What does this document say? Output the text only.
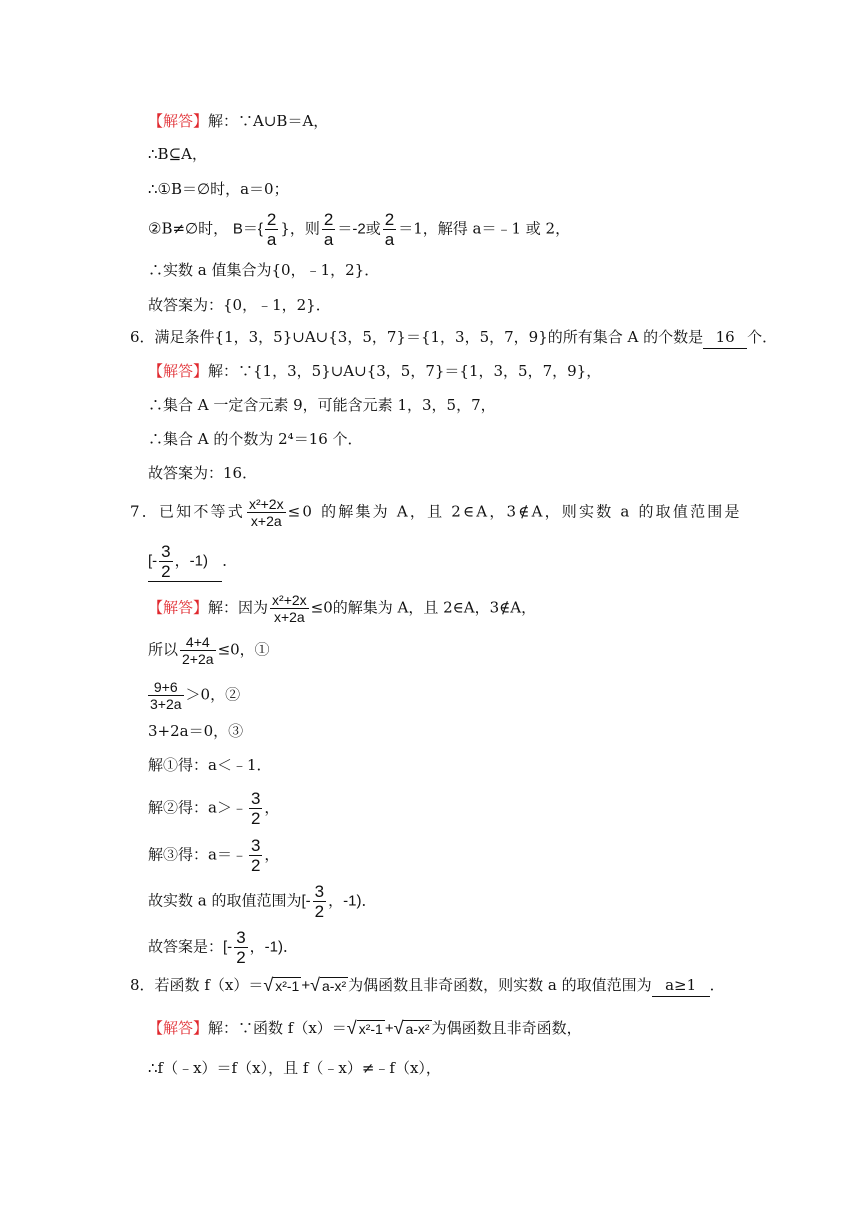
【解答】解：∵A∪B＝A，
∴B⊆A，
∴①B＝∅时，a＝0；
②B≠∅时， $B=\{ \frac{2}{a}$ }，则 $\frac{2}{a} =-2$或 $\frac{2}{a} =1$，解得 a＝﹣1 或 2，
∴实数 a 值集合为{0，﹣1，2}．
故答案为：{0，﹣1，2}．
6．满足条件{1，3，5}∪A∪{3，5，7}＝{1，3，5，7，9}的所有集合 A 的个数是 16 个．
【解答】解：∵{1，3，5}∪A∪{3，5，7}＝{1，3，5，7，9}，
∴集合 A 一定含元素 9，可能含元素 1，3，5，7，
∴集合 A 的个数为 2⁴＝16 个．
故答案为：16．
7．已知不等式 $\frac{\text{x²+2x}}{x+2a} \le 0$ 的解集为 A，且 2∈A，3∉A，则实数 a 的取值范围是
[- $\frac{3}{2}$ ，-1) ．
【解答】解：因为 $\frac{\text{x²+2x}}{x+2a} \le 0$的解集为 A，且 2∈A，3∉A，
所以 $\frac{4+4}{2+2a} \le 0$，①
$\frac{9+6}{3+2a} >0$，②
3+2a＝0，③
解①得：a＜﹣1．
解②得：a＞﹣ $\frac{3}{2}$ ，
解③得：a＝﹣ $\frac{3}{2}$ ，
故实数 a 的取值范围为[- $\frac{3}{2}$ ，-1)．
故答案是：[- $\frac{3}{2}$ ，-1)．
8．若函数 f（x）＝√ x²-1 +√ a-x² 为偶函数且非奇函数，则实数 a 的取值范围为 a≥1 ．
【解答】解：∵函数 f（x）＝√ x²-1 +√ a-x² 为偶函数且非奇函数，
∴f（﹣x）＝f（x），且 f（﹣x）≠﹣f（x），
